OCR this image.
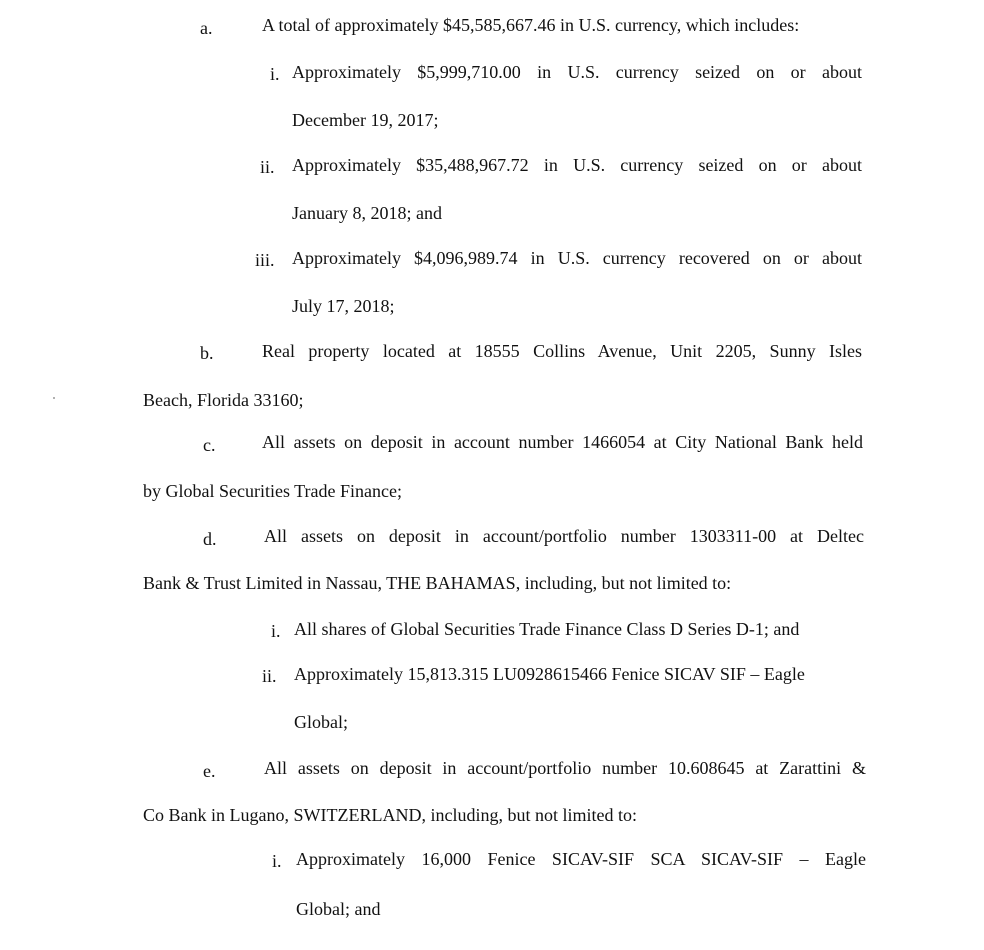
a.	A total of approximately $45,585,667.46 in U.S. currency, which includes:
i. Approximately $5,999,710.00 in U.S. currency seized on or about
December 19, 2017;
ii. Approximately $35,488,967.72 in U.S. currency seized on or about
January 8, 2018; and
iii. Approximately $4,096,989.74 in U.S. currency recovered on or about
July 17, 2018;
b.	Real property located at 18555 Collins Avenue, Unit 2205, Sunny Isles
Beach, Florida 33160;
c.	All assets on deposit in account number 1466054 at City National Bank held
by Global Securities Trade Finance;
d.	All assets on deposit in account/portfolio number 1303311-00 at Deltec
Bank & Trust Limited in Nassau, THE BAHAMAS, including, but not limited to:
i. All shares of Global Securities Trade Finance Class D Series D-1; and
ii. Approximately 15,813.315 LU0928615466 Fenice SICAV SIF – Eagle
Global;
e.	All assets on deposit in account/portfolio number 10.608645 at Zarattini &
Co Bank in Lugano, SWITZERLAND, including, but not limited to:
i. Approximately 16,000 Fenice SICAV-SIF SCA SICAV-SIF – Eagle
Global; and
